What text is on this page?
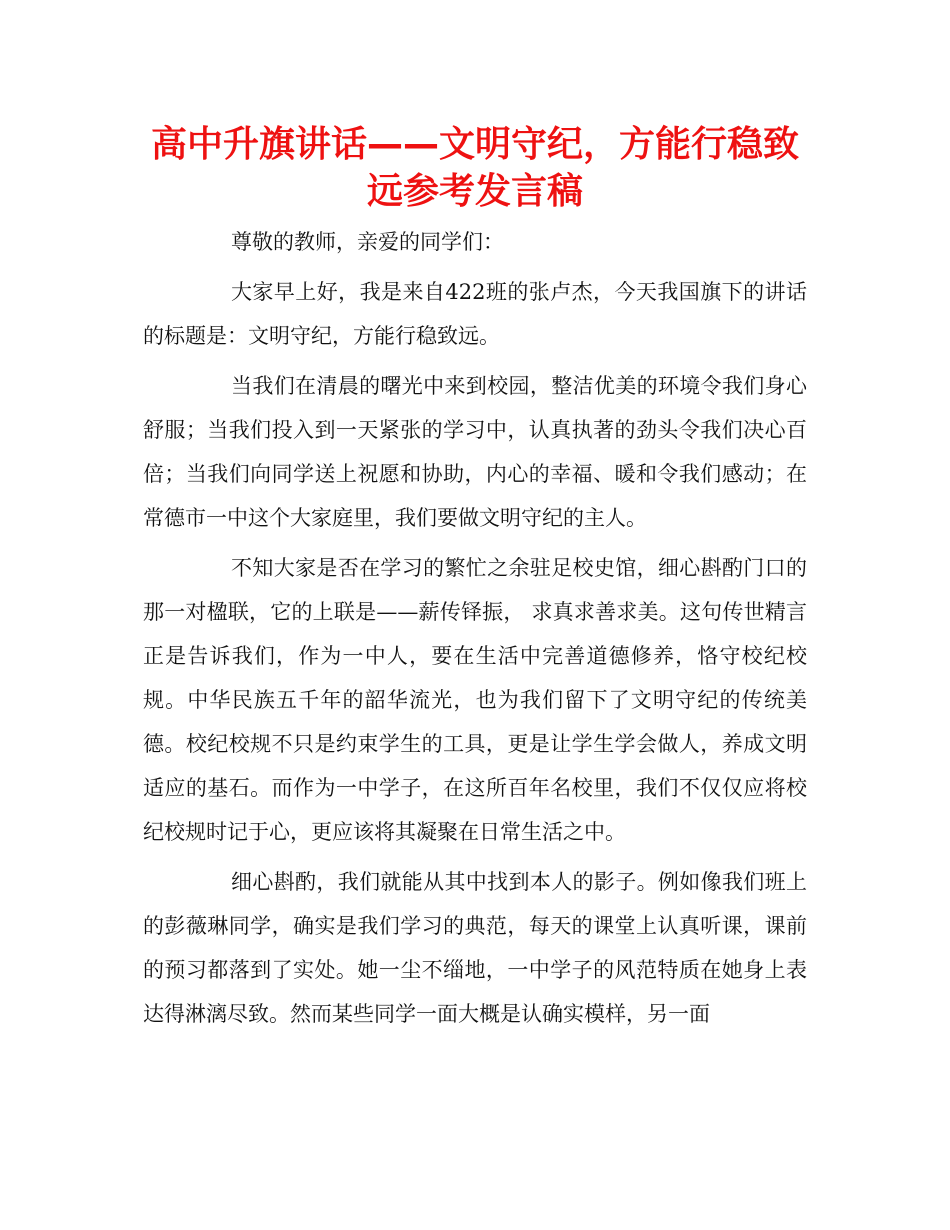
高中升旗讲话——文明守纪，方能行稳致
远参考发言稿

尊敬的教师，亲爱的同学们：

大家早上好，我是来自422班的张卢杰，今天我国旗下的讲话的标题是：文明守纪，方能行稳致远。

当我们在清晨的曙光中来到校园，整洁优美的环境令我们身心舒服；当我们投入到一天紧张的学习中，认真执著的劲头令我们决心百倍；当我们向同学送上祝愿和协助，内心的幸福、暖和令我们感动；在常德市一中这个大家庭里，我们要做文明守纪的主人。

不知大家是否在学习的繁忙之余驻足校史馆，细心斟酌门口的那一对楹联，它的上联是——薪传铎振， 求真求善求美。这句传世精言正是告诉我们，作为一中人，要在生活中完善道德修养，恪守校纪校规。中华民族五千年的韶华流光，也为我们留下了文明守纪的传统美德。校纪校规不只是约束学生的工具，更是让学生学会做人，养成文明适应的基石。而作为一中学子，在这所百年名校里，我们不仅仅应将校纪校规时记于心，更应该将其凝聚在日常生活之中。

细心斟酌，我们就能从其中找到本人的影子。例如像我们班上的彭薇琳同学，确实是我们学习的典范，每天的课堂上认真听课，课前的预习都落到了实处。她一尘不缁地，一中学子的风范特质在她身上表达得淋漓尽致。然而某些同学一面大概是认确实模样，另一面
